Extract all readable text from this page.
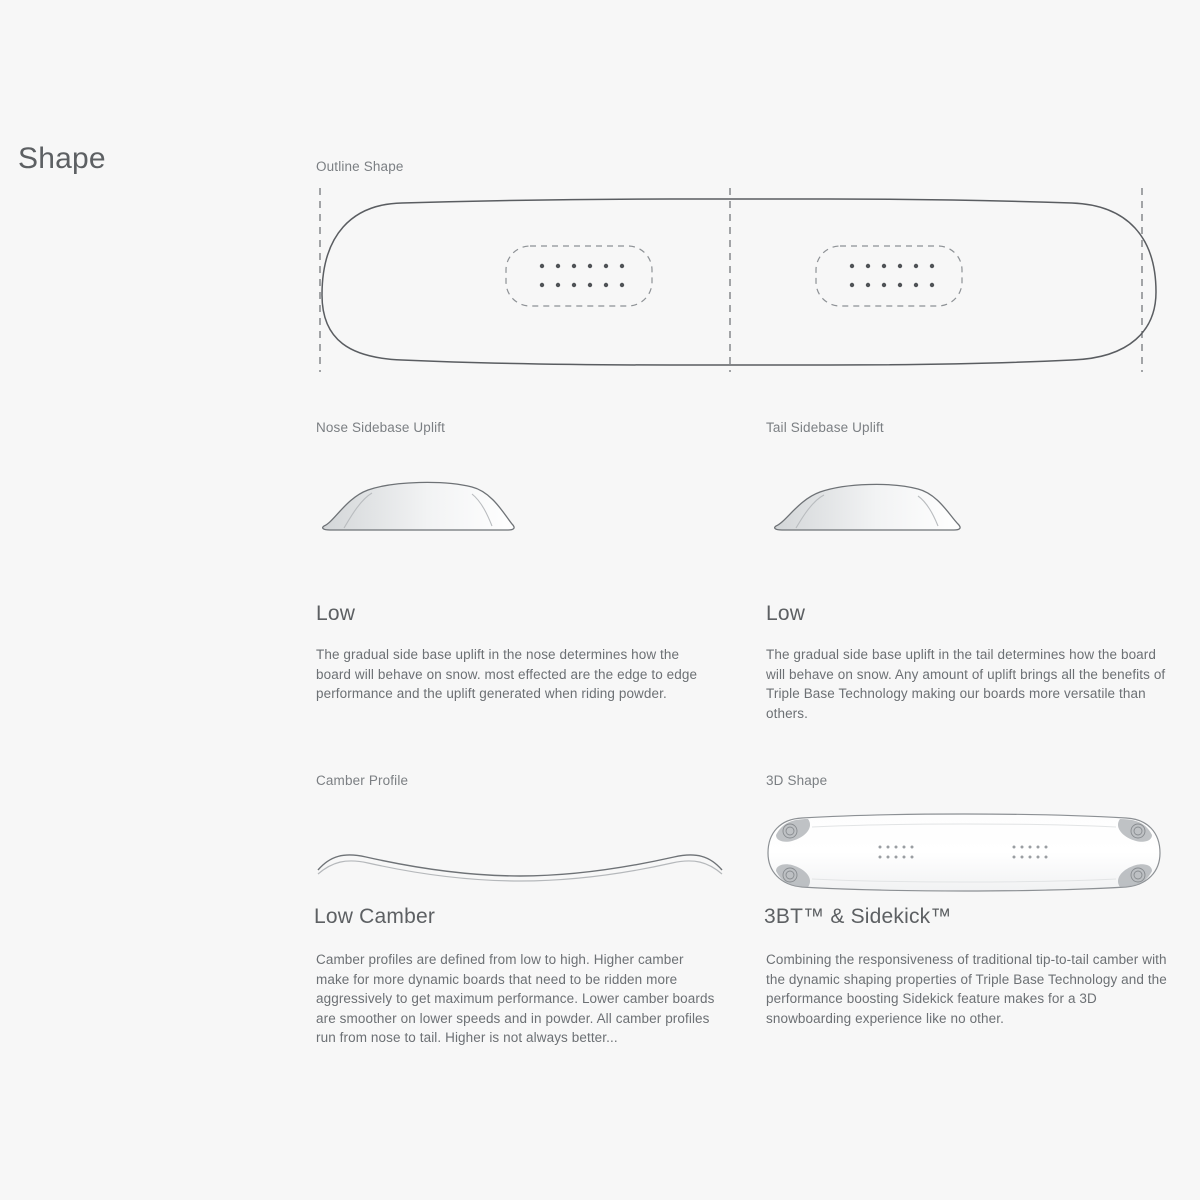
Shape	Outline Shape
Nose Sidebase Uplift
Low
The gradual side base uplift in the nose determines how the board will behave on snow. most effected are the edge to edge performance and the uplift generated when riding powder.
Tail Sidebase Uplift
Low
The gradual side base uplift in the tail determines how the board will behave on snow. Any amount of uplift brings all the benefits of Triple Base Technology making our boards more versatile than others.
Camber Profile
Low Camber
Camber profiles are defined from low to high. Higher camber make for more dynamic boards that need to be ridden more aggressively to get maximum performance. Lower camber boards are smoother on lower speeds and in powder. All camber profiles run from nose to tail. Higher is not always better...
3D Shape
3BT™ & Sidekick™
Combining the responsiveness of traditional tip-to-tail camber with the dynamic shaping properties of Triple Base Technology and the performance boosting Sidekick feature makes for a 3D snowboarding experience like no other.
